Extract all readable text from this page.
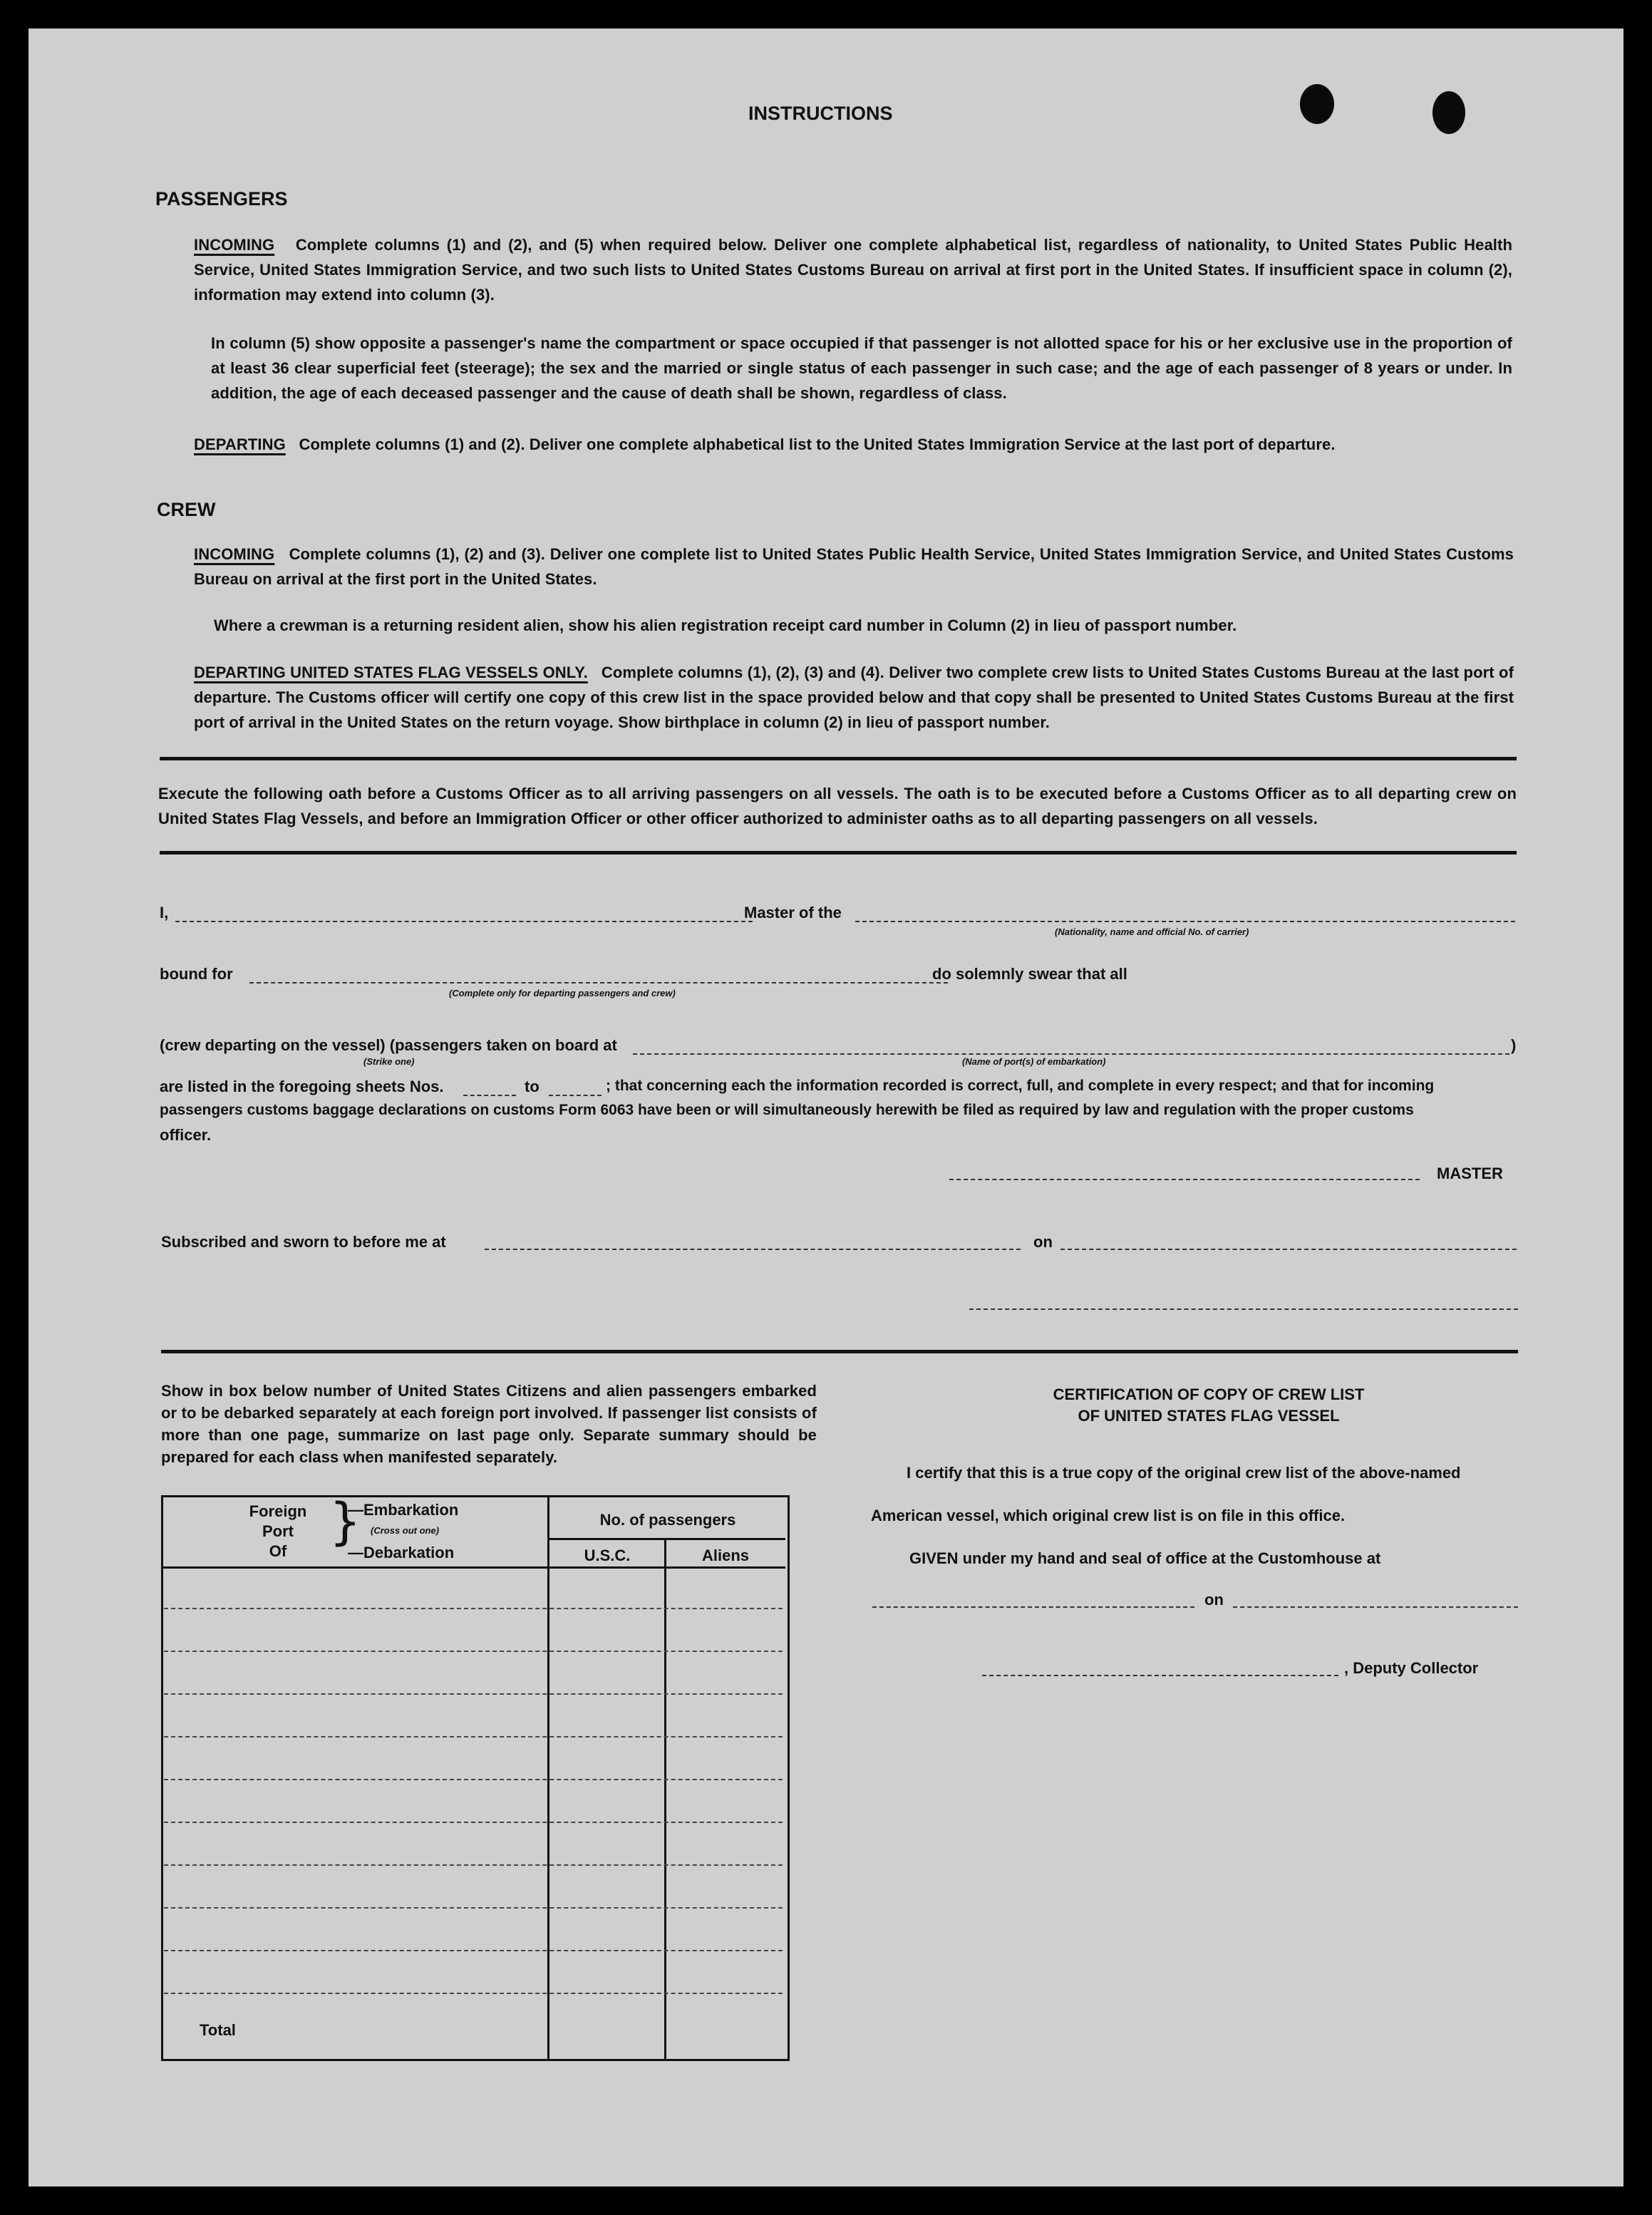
INSTRUCTIONS
PASSENGERS
INCOMING Complete columns (1) and (2), and (5) when required below. Deliver one complete alphabetical list, regardless of nationality, to United States Public Health Service, United States Immigration Service, and two such lists to United States Customs Bureau on arrival at first port in the United States. If insufficient space in column (2), information may extend into column (3).
In column (5) show opposite a passenger's name the compartment or space occupied if that passenger is not allotted space for his or her exclusive use in the proportion of at least 36 clear superficial feet (steerage); the sex and the married or single status of each passenger in such case; and the age of each passenger of 8 years or under. In addition, the age of each deceased passenger and the cause of death shall be shown, regardless of class.
DEPARTING Complete columns (1) and (2). Deliver one complete alphabetical list to the United States Immigration Service at the last port of departure.
CREW
INCOMING Complete columns (1), (2) and (3). Deliver one complete list to United States Public Health Service, United States Immigration Service, and United States Customs Bureau on arrival at the first port in the United States.
Where a crewman is a returning resident alien, show his alien registration receipt card number in Column (2) in lieu of passport number.
DEPARTING UNITED STATES FLAG VESSELS ONLY. Complete columns (1), (2), (3) and (4). Deliver two complete crew lists to United States Customs Bureau at the last port of departure. The Customs officer will certify one copy of this crew list in the space provided below and that copy shall be presented to United States Customs Bureau at the first port of arrival in the United States on the return voyage. Show birthplace in column (2) in lieu of passport number.
Execute the following oath before a Customs Officer as to all arriving passengers on all vessels. The oath is to be executed before a Customs Officer as to all departing crew on United States Flag Vessels, and before an Immigration Officer or other officer authorized to administer oaths as to all departing passengers on all vessels.
I,	Master of the
(Nationality, name and official No. of carrier)
bound for
(Complete only for departing passengers and crew)
do solemnly swear that all
(crew departing on the vessel) (passengers taken on board at
(Strike one)	(Name of port(s) of embarkation)
)
are listed in the foregoing sheets Nos.	to	; that concerning each the information recorded is correct, full, and complete in every respect; and that for incoming
passengers customs baggage declarations on customs Form 6063 have been or will simultaneously herewith be filed as required by law and regulation with the proper customs
officer.
MASTER
Subscribed and sworn to before me at	on
Show in box below number of United States Citizens and alien passengers embarked or to be debarked separately at each foreign port involved. If passenger list consists of more than one page, summarize on last page only. Separate summary should be prepared for each class when manifested separately.
Foreign
Port
Of
}
—Embarkation
(Cross out one)
—Debarkation
No. of passengers
U.S.C.	Aliens
Total
CERTIFICATION OF COPY OF CREW LIST
OF UNITED STATES FLAG VESSEL
I certify that this is a true copy of the original crew list of the above-named
American vessel, which original crew list is on file in this office.
GIVEN under my hand and seal of office at the Customhouse at
on
, Deputy Collector
